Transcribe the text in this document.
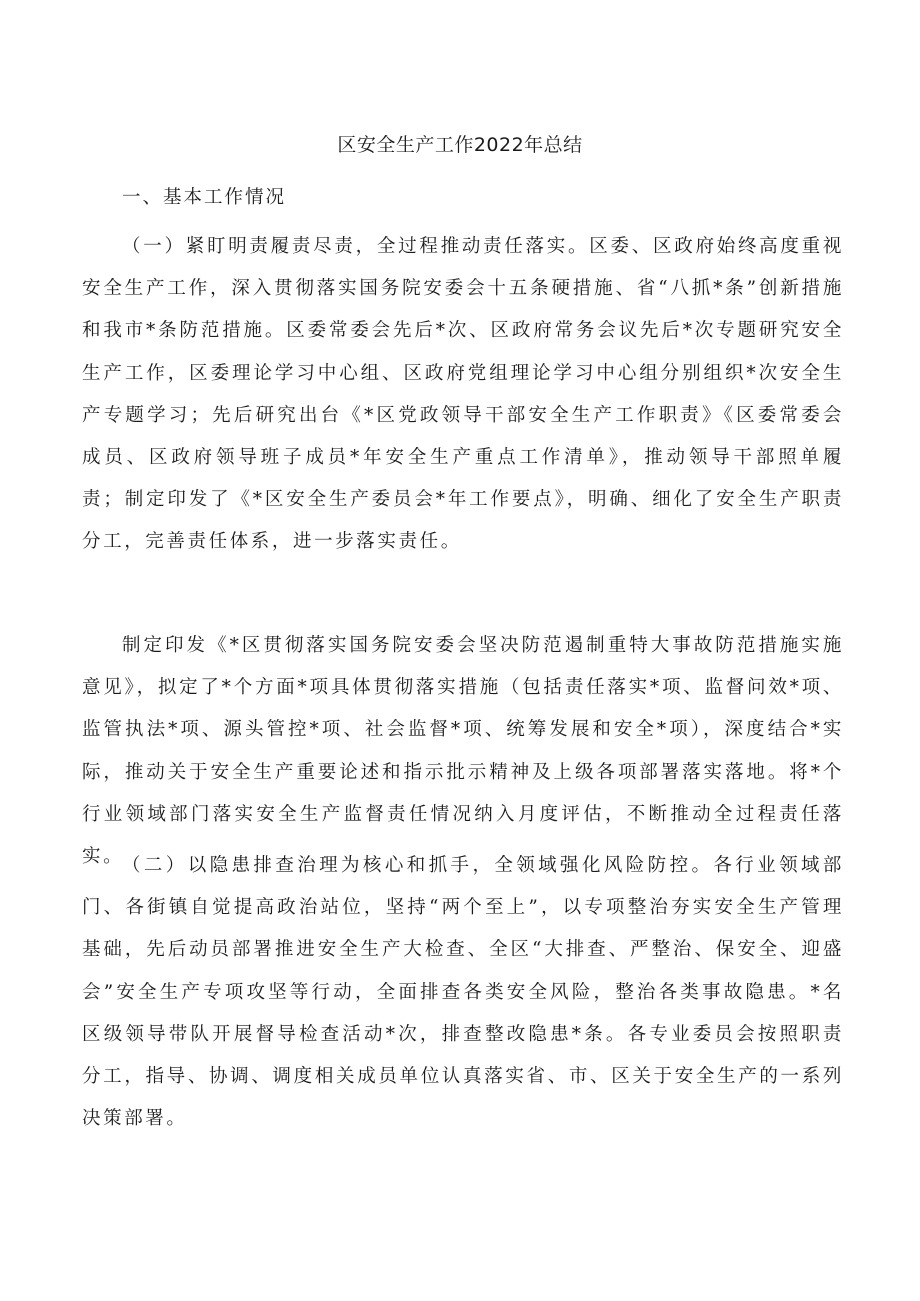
区安全生产工作2022年总结
一、基本工作情况

（一）紧盯明责履责尽责，全过程推动责任落实。区委、区政府始终高度重视安全生产工作，深入贯彻落实国务院安委会十五条硬措施、省“八抓*条”创新措施和我市*条防范措施。区委常委会先后*次、区政府常务会议先后*次专题研究安全生产工作，区委理论学习中心组、区政府党组理论学习中心组分别组织*次安全生产专题学习；先后研究出台《*区党政领导干部安全生产工作职责》《区委常委会成员、区政府领导班子成员*年安全生产重点工作清单》，推动领导干部照单履责；制定印发了《*区安全生产委员会*年工作要点》，明确、细化了安全生产职责分工，完善责任体系，进一步落实责任。

制定印发《*区贯彻落实国务院安委会坚决防范遏制重特大事故防范措施实施意见》，拟定了*个方面*项具体贯彻落实措施（包括责任落实*项、监督问效*项、监管执法*项、源头管控*项、社会监督*项、统筹发展和安全*项），深度结合*实际，推动关于安全生产重要论述和指示批示精神及上级各项部署落实落地。将*个行业领域部门落实安全生产监督责任情况纳入月度评估，不断推动全过程责任落实。

（二）以隐患排查治理为核心和抓手，全领域强化风险防控。各行业领域部门、各街镇自觉提高政治站位，坚持“两个至上”，以专项整治夯实安全生产管理基础，先后动员部署推进安全生产大检查、全区“大排查、严整治、保安全、迎盛会”安全生产专项攻坚等行动，全面排查各类安全风险，整治各类事故隐患。*名区级领导带队开展督导检查活动*次，排查整改隐患*条。各专业委员会按照职责分工，指导、协调、调度相关成员单位认真落实省、市、区关于安全生产的一系列决策部署。
